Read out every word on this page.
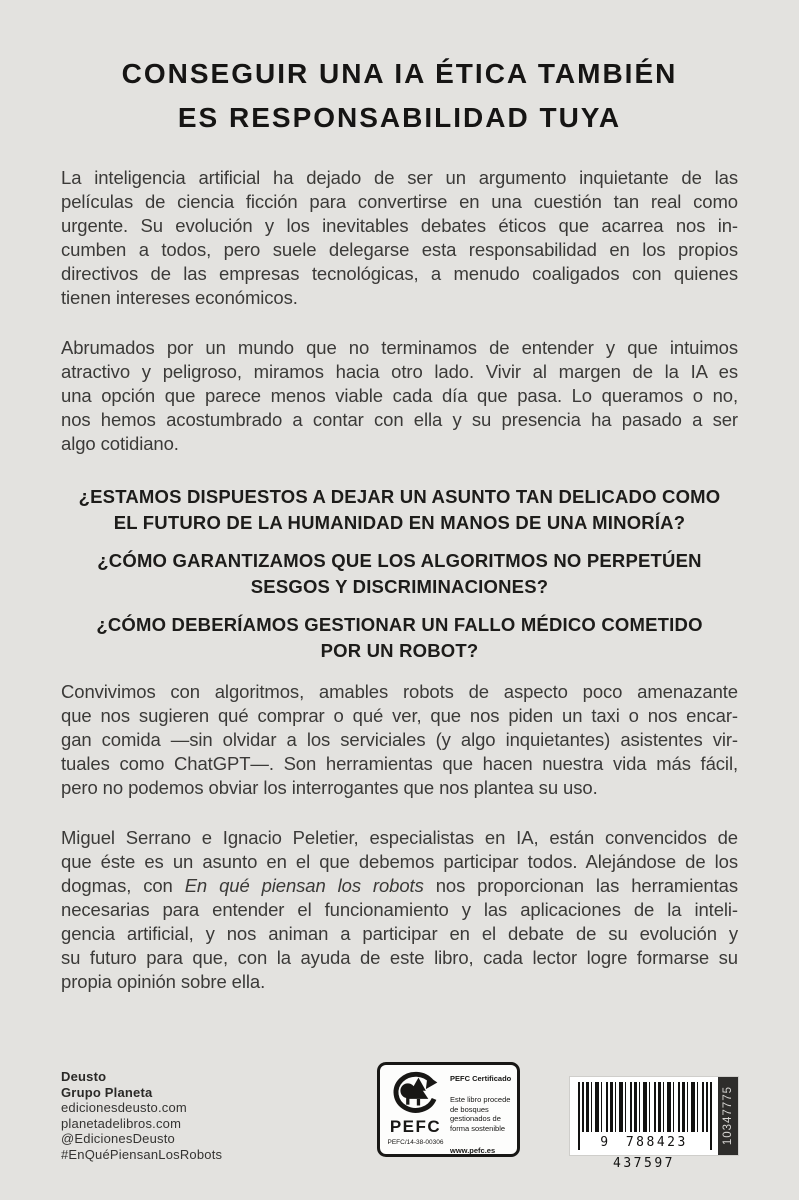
CONSEGUIR UNA IA ÉTICA TAMBIÉN
ES RESPONSABILIDAD TUYA
La inteligencia artificial ha dejado de ser un argumento inquietante de las
películas de ciencia ficción para convertirse en una cuestión tan real como
urgente. Su evolución y los inevitables debates éticos que acarrea nos in-
cumben a todos, pero suele delegarse esta responsabilidad en los propios
directivos de las empresas tecnológicas, a menudo coaligados con quienes
tienen intereses económicos.
Abrumados por un mundo que no terminamos de entender y que intuimos
atractivo y peligroso, miramos hacia otro lado. Vivir al margen de la IA es
una opción que parece menos viable cada día que pasa. Lo queramos o no,
nos hemos acostumbrado a contar con ella y su presencia ha pasado a ser
algo cotidiano.
¿ESTAMOS DISPUESTOS A DEJAR UN ASUNTO TAN DELICADO COMO
EL FUTURO DE LA HUMANIDAD EN MANOS DE UNA MINORÍA?
¿CÓMO GARANTIZAMOS QUE LOS ALGORITMOS NO PERPETÚEN
SESGOS Y DISCRIMINACIONES?
¿CÓMO DEBERÍAMOS GESTIONAR UN FALLO MÉDICO COMETIDO
POR UN ROBOT?
Convivimos con algoritmos, amables robots de aspecto poco amenazante
que nos sugieren qué comprar o qué ver, que nos piden un taxi o nos encar-
gan comida —sin olvidar a los serviciales (y algo inquietantes) asistentes vir-
tuales como ChatGPT—. Son herramientas que hacen nuestra vida más fácil,
pero no podemos obviar los interrogantes que nos plantea su uso.
Miguel Serrano e Ignacio Peletier, especialistas en IA, están convencidos de
que éste es un asunto en el que debemos participar todos. Alejándose de los
dogmas, con En qué piensan los robots nos proporcionan las herramientas
necesarias para entender el funcionamiento y las aplicaciones de la inteli-
gencia artificial, y nos animan a participar en el debate de su evolución y
su futuro para que, con la ayuda de este libro, cada lector logre formarse su
propia opinión sobre ella.
Deusto
Grupo Planeta
edicionesdeusto.com
planetadelibros.com
@EdicionesDeusto
#EnQuéPiensanLosRobots
PEFC
PEFC/14-38-00306
PEFC Certificado
Este libro procede de bosques gestionados de forma sostenible
www.pefc.es
9 788423 437597
10347775
